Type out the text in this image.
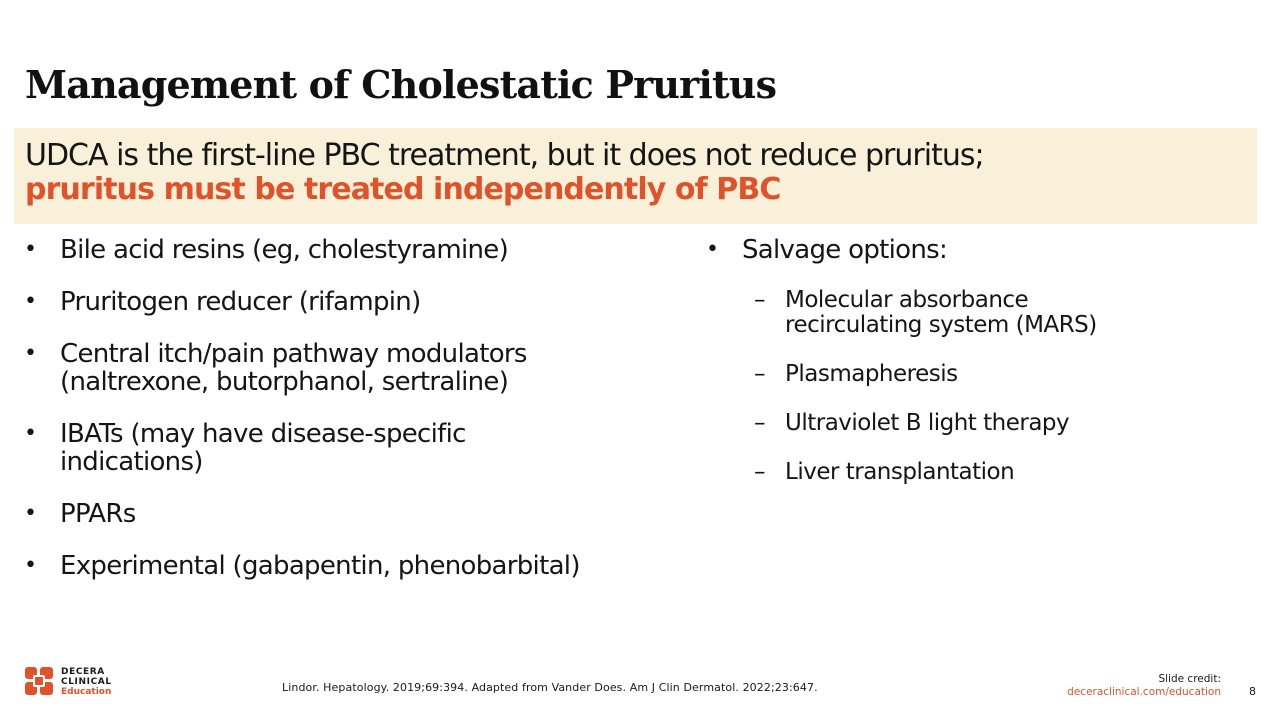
Management of Cholestatic Pruritus
UDCA is the first-line PBC treatment, but it does not reduce pruritus;
pruritus must be treated independently of PBC
• Bile acid resins (eg, cholestyramine)
• Pruritogen reducer (rifampin)
• Central itch/pain pathway modulators (naltrexone, butorphanol, sertraline)
• IBATs (may have disease-specific indications)
• PPARs
• Experimental (gabapentin, phenobarbital)
• Salvage options:
– Molecular absorbance recirculating system (MARS)
– Plasmapheresis
– Ultraviolet B light therapy
– Liver transplantation
DECERA
CLINICAL
Education	Lindor. Hepatology. 2019;69:394. Adapted from Vander Does. Am J Clin Dermatol. 2022;23:647.
Slide credit:
deceraclinical.com/education	8
